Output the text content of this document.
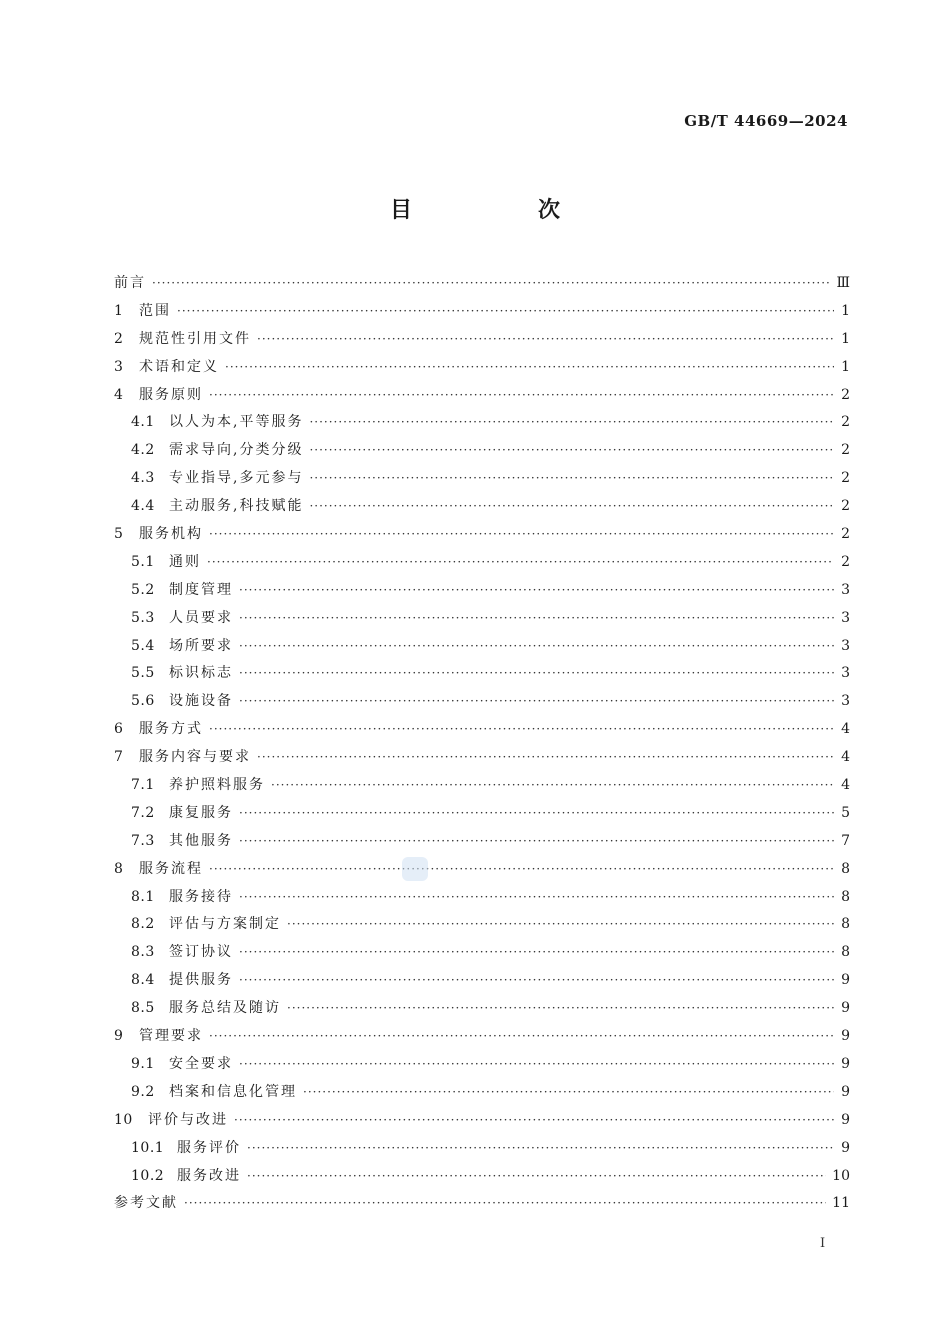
GB/T 44669—2024
目　次
前言 ·····	Ⅲ
1	范围 ·····	1
2	规范性引用文件 ·····	1
3	术语和定义 ·····	1
4	服务原则 ·····	2
4.1	以人为本,平等服务 ·····	2
4.2	需求导向,分类分级 ·····	2
4.3	专业指导,多元参与 ·····	2
4.4	主动服务,科技赋能 ·····	2
5	服务机构 ·····	2
5.1	通则 ·····	2
5.2	制度管理 ·····	3
5.3	人员要求 ·····	3
5.4	场所要求 ·····	3
5.5	标识标志 ·····	3
5.6	设施设备 ·····	3
6	服务方式 ·····	4
7	服务内容与要求 ·····	4
7.1	养护照料服务 ·····	4
7.2	康复服务 ·····	5
7.3	其他服务 ·····	7
8	服务流程 ·····	8
8.1	服务接待 ·····	8
8.2	评估与方案制定 ·····	8
8.3	签订协议 ·····	8
8.4	提供服务 ·····	9
8.5	服务总结及随访 ·····	9
9	管理要求 ·····	9
9.1	安全要求 ·····	9
9.2	档案和信息化管理 ·····	9
10	评价与改进 ·····	9
10.1 服务评价 ·····	9
10.2 服务改进 ·····	10
参考文献 ·····	11
I
